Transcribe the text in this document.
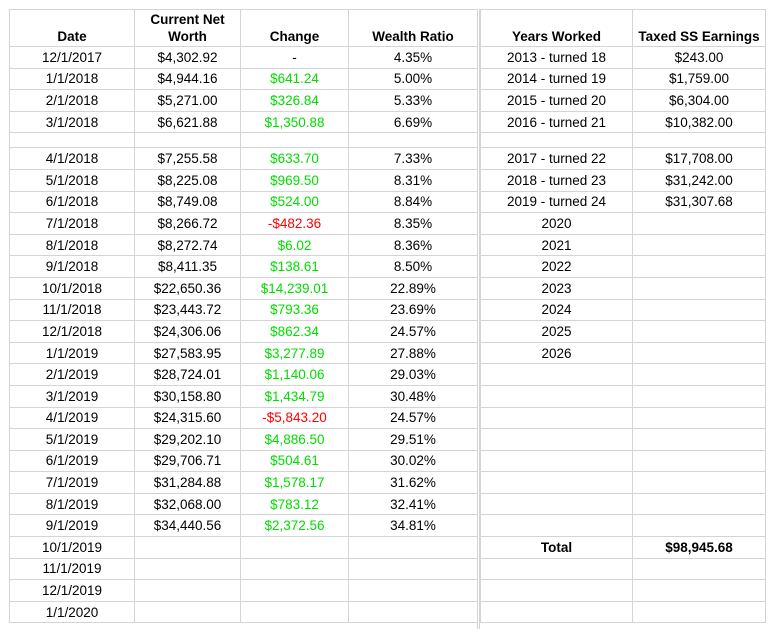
Date	Current Net Worth	Change	Wealth Ratio
12/1/2017	$4,302.92	-	4.35%
1/1/2018	$4,944.16	$641.24	5.00%
2/1/2018	$5,271.00	$326.84	5.33%
3/1/2018	$6,621.88	$1,350.88	6.69%

4/1/2018	$7,255.58	$633.70	7.33%
5/1/2018	$8,225.08	$969.50	8.31%
6/1/2018	$8,749.08	$524.00	8.84%
7/1/2018	$8,266.72	-$482.36	8.35%
8/1/2018	$8,272.74	$6.02	8.36%
9/1/2018	$8,411.35	$138.61	8.50%
10/1/2018	$22,650.36	$14,239.01	22.89%
11/1/2018	$23,443.72	$793.36	23.69%
12/1/2018	$24,306.06	$862.34	24.57%
1/1/2019	$27,583.95	$3,277.89	27.88%
2/1/2019	$28,724.01	$1,140.06	29.03%
3/1/2019	$30,158.80	$1,434.79	30.48%
4/1/2019	$24,315.60	-$5,843.20	24.57%
5/1/2019	$29,202.10	$4,886.50	29.51%
6/1/2019	$29,706.71	$504.61	30.02%
7/1/2019	$31,284.88	$1,578.17	31.62%
8/1/2019	$32,068.00	$783.12	32.41%
9/1/2019	$34,440.56	$2,372.56	34.81%
10/1/2019			
11/1/2019			
12/1/2019			
1/1/2020			
Years Worked	Taxed SS Earnings
2013 - turned 18	$243.00
2014 - turned 19	$1,759.00
2015 - turned 20	$6,304.00
2016 - turned 21	$10,382.00

2017 - turned 22	$17,708.00
2018 - turned 23	$31,242.00
2019 - turned 24	$31,307.68
2020	
2021	
2022	
2023	
2024	
2025	
2026	

Total	$98,945.68
